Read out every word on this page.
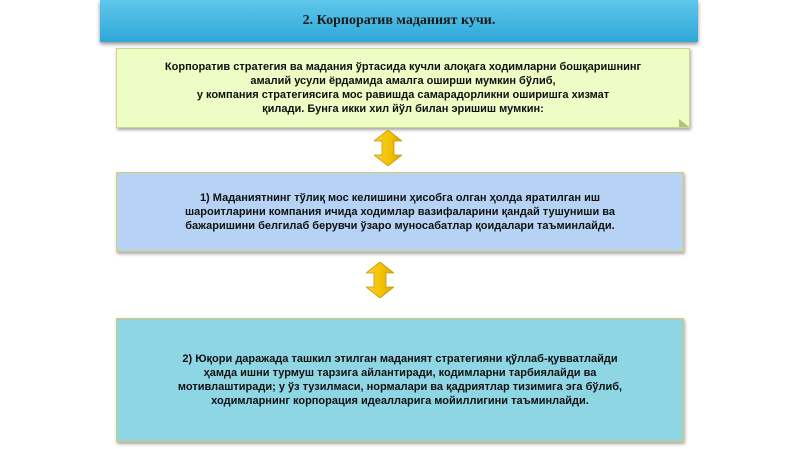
2. Корпоратив маданият кучи.
Корпоратив стратегия ва мадания ўртасида кучли алоқага ходимларни бошқаришнинг
амалий усули ёрдамида амалга оширши мумкин бўлиб,
у компания стратегиясига мос равишда самарадорликни оширишга хизмат
қилади. Бунга икки хил йўл билан эришиш мумкин:
1) Маданиятнинг тўлиқ мос келишини ҳисобга олган ҳолда яратилган иш
шароитларини компания ичида ходимлар вазифаларини қандай тушуниши ва
бажаришини белгилаб берувчи ўзаро муносабатлар қоидалари таъминлайди.
2) Юқори даражада ташкил этилган маданият стратегияни қўллаб-қувватлайди
ҳамда ишни турмуш тарзига айлантиради, кодимларни тарбиялайди ва
мотивлаштиради; у ўз тузилмаси, нормалари ва қадриятлар тизимига эга бўлиб,
ходимларнинг корпорация идеалларига мойиллигини таъминлайди.
